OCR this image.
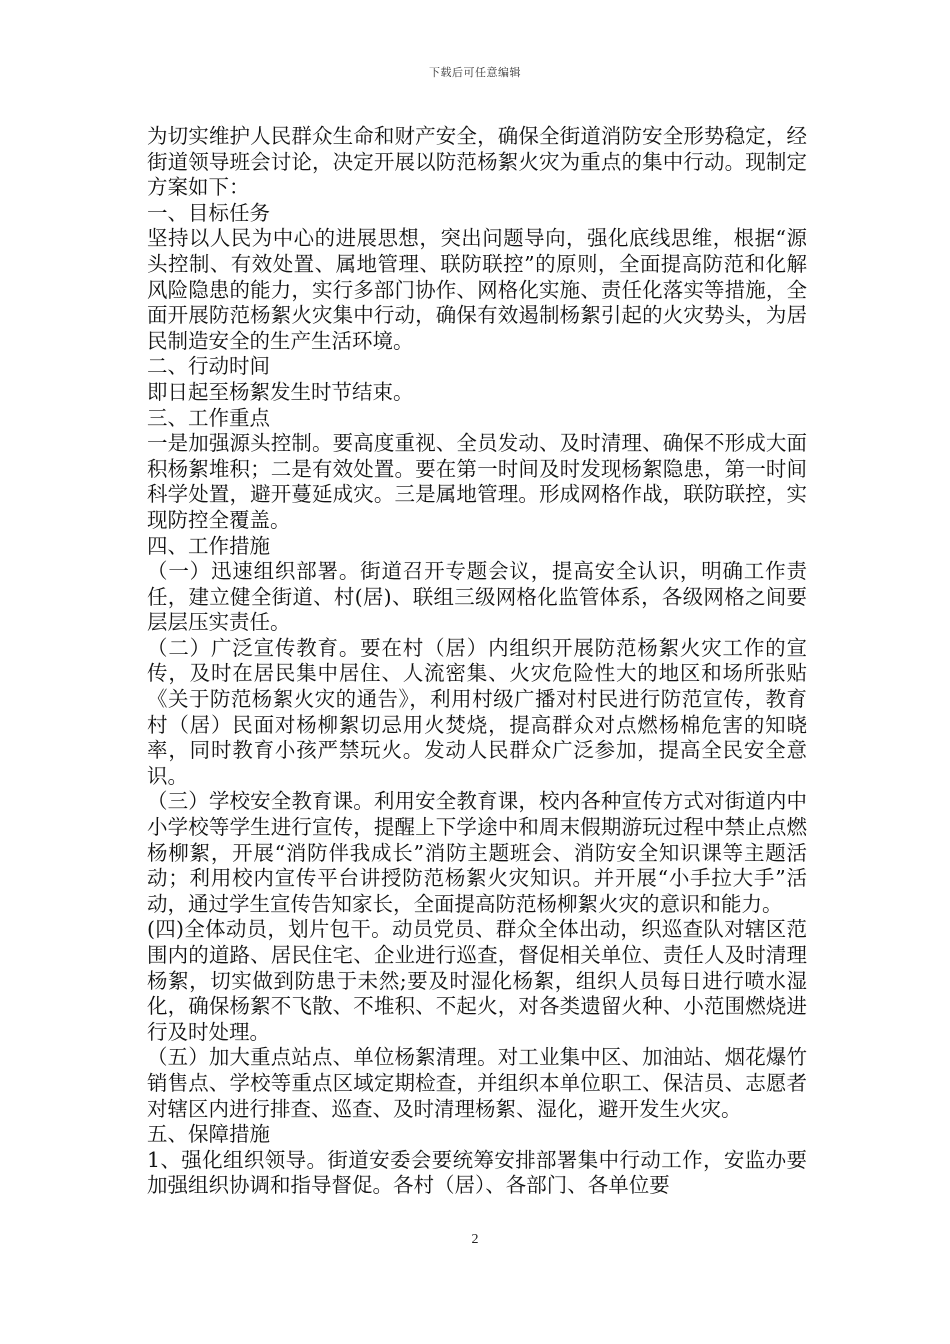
下载后可任意编辑

为切实维护人民群众生命和财产安全，确保全街道消防安全形势稳定，经街道领导班会讨论，决定开展以防范杨絮火灾为重点的集中行动。现制定方案如下：

一、目标任务

坚持以人民为中心的进展思想，突出问题导向，强化底线思维，根据“源头控制、有效处置、属地管理、联防联控”的原则，全面提高防范和化解风险隐患的能力，实行多部门协作、网格化实施、责任化落实等措施，全面开展防范杨絮火灾集中行动，确保有效遏制杨絮引起的火灾势头，为居民制造安全的生产生活环境。

二、行动时间

即日起至杨絮发生时节结束。

三、工作重点

一是加强源头控制。要高度重视、全员发动、及时清理、确保不形成大面积杨絮堆积；二是有效处置。要在第一时间及时发现杨絮隐患，第一时间科学处置，避开蔓延成灾。三是属地管理。形成网格作战，联防联控，实现防控全覆盖。

四、工作措施

（一）迅速组织部署。街道召开专题会议，提高安全认识，明确工作责任，建立健全街道、村(居)、联组三级网格化监管体系，各级网格之间要层层压实责任。

（二）广泛宣传教育。要在村（居）内组织开展防范杨絮火灾工作的宣传，及时在居民集中居住、人流密集、火灾危险性大的地区和场所张贴《关于防范杨絮火灾的通告》，利用村级广播对村民进行防范宣传，教育村（居）民面对杨柳絮切忌用火焚烧，提高群众对点燃杨棉危害的知晓率，同时教育小孩严禁玩火。发动人民群众广泛参加，提高全民安全意识。

（三）学校安全教育课。利用安全教育课，校内各种宣传方式对街道内中小学校等学生进行宣传，提醒上下学途中和周末假期游玩过程中禁止点燃杨柳絮，开展“消防伴我成长”消防主题班会、消防安全知识课等主题活动；利用校内宣传平台讲授防范杨絮火灾知识。并开展“小手拉大手”活动，通过学生宣传告知家长，全面提高防范杨柳絮火灾的意识和能力。

(四)全体动员，划片包干。动员党员、群众全体出动，织巡查队对辖区范围内的道路、居民住宅、企业进行巡查，督促相关单位、责任人及时清理杨絮，切实做到防患于未然;要及时湿化杨絮，组织人员每日进行喷水湿化，确保杨絮不飞散、不堆积、不起火，对各类遗留火种、小范围燃烧进行及时处理。

（五）加大重点站点、单位杨絮清理。对工业集中区、加油站、烟花爆竹销售点、学校等重点区域定期检查，并组织本单位职工、保洁员、志愿者对辖区内进行排查、巡查、及时清理杨絮、湿化，避开发生火灾。

五、保障措施

1、强化组织领导。街道安委会要统筹安排部署集中行动工作，安监办要加强组织协调和指导督促。各村（居）、各部门、各单位要

2
